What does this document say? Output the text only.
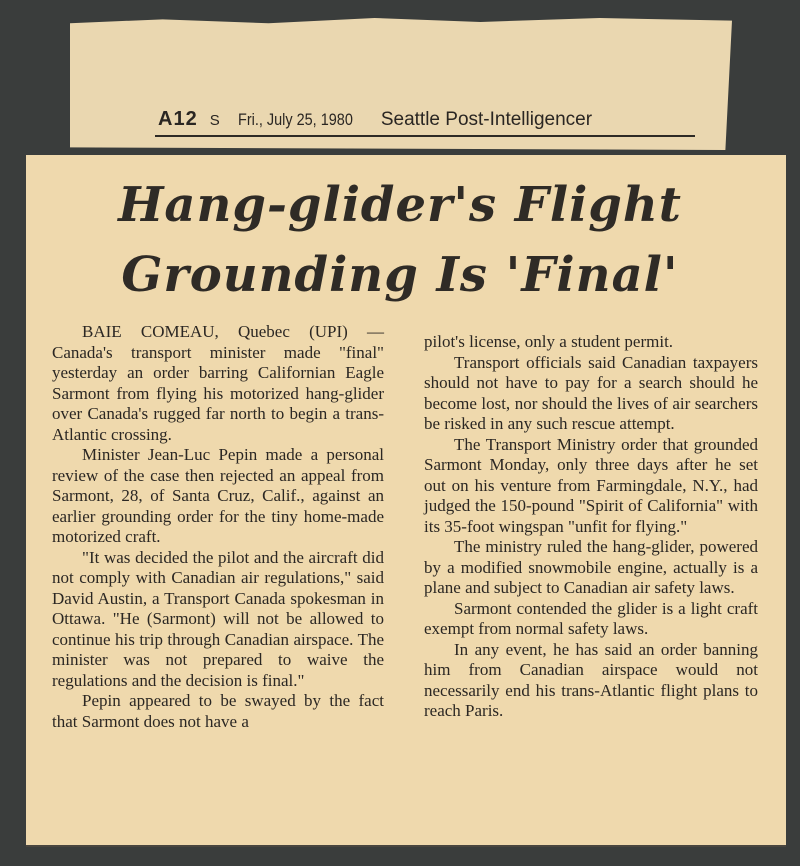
A12 S Fri., July 25, 1980 Seattle Post-Intelligencer
Hang-glider's Flight
Grounding Is 'Final'

BAIE COMEAU, Quebec (UPI) — Canada's transport minister made "final" yesterday an order barring Californian Eagle Sarmont from flying his motorized hang-glider over Canada's rugged far north to begin a trans-Atlantic crossing.

Minister Jean-Luc Pepin made a personal review of the case then rejected an appeal from Sarmont, 28, of Santa Cruz, Calif., against an earlier grounding order for the tiny home-made motorized craft.

"It was decided the pilot and the aircraft did not comply with Canadian air regulations," said David Austin, a Transport Canada spokesman in Ottawa. "He (Sarmont) will not be allowed to continue his trip through Canadian airspace. The minister was not prepared to waive the regulations and the decision is final."

Pepin appeared to be swayed by the fact that Sarmont does not have a

pilot's license, only a student permit.

Transport officials said Canadian taxpayers should not have to pay for a search should he become lost, nor should the lives of air searchers be risked in any such rescue attempt.

The Transport Ministry order that grounded Sarmont Monday, only three days after he set out on his venture from Farmingdale, N.Y., had judged the 150-pound "Spirit of California" with its 35-foot wingspan "unfit for flying."

The ministry ruled the hang-glider, powered by a modified snowmobile engine, actually is a plane and subject to Canadian air safety laws.

Sarmont contended the glider is a light craft exempt from normal safety laws.

In any event, he has said an order banning him from Canadian airspace would not necessarily end his trans-Atlantic flight plans to reach Paris.
